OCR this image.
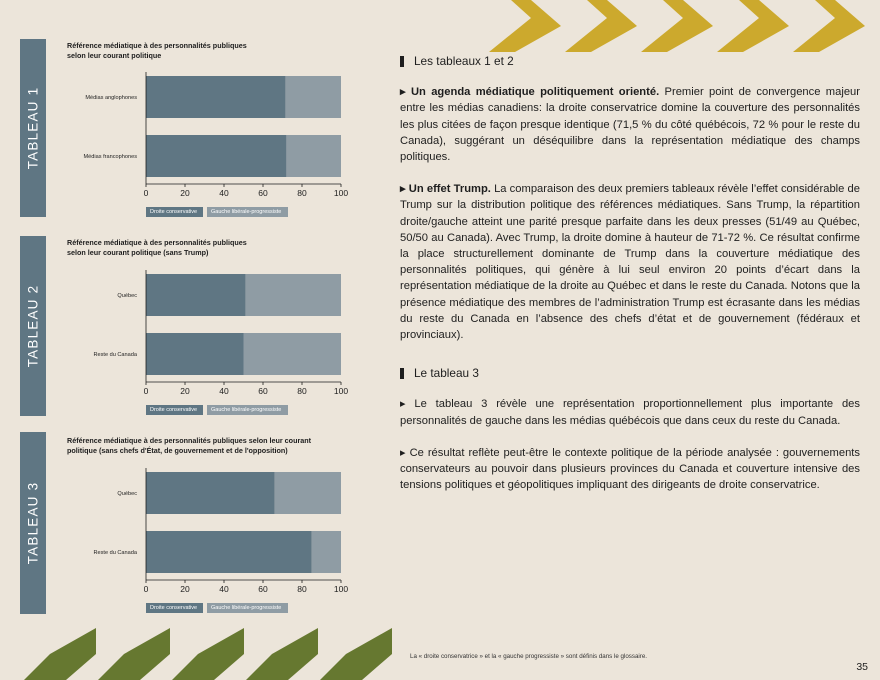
TABLEAU 1
Référence médiatique à des personnalités publiques
selon leur courant politique
Médias anglophones
Médias francophones
0	20	40	60	80	100
Droite conservative	Gauche libérale-progressiste
TABLEAU 2
Référence médiatique à des personnalités publiques
selon leur courant politique (sans Trump)
Québec
Reste du Canada
0	20	40	60	80	100
Droite conservative	Gauche libérale-progressiste
TABLEAU 3
Référence médiatique à des personnalités publiques selon leur courant
politique (sans chefs d'État, de gouvernement et de l'opposition)
Québec
Reste du Canada
0	20	40	60	80	100
Droite conservative	Gauche libérale-progressiste
Les tableaux 1 et 2

▸ Un agenda médiatique politiquement orienté. Premier point de convergence majeur entre les médias canadiens: la droite conservatrice domine la couverture des personnalités les plus citées de façon presque identique (71,5 % du côté québécois, 72 % pour le reste du Canada), suggérant un déséquilibre dans la représentation médiatique des champs politiques.

▸ Un effet Trump. La comparaison des deux premiers tableaux révèle l’effet considérable de Trump sur la distribution politique des références médiatiques. Sans Trump, la répartition droite/gauche atteint une parité presque parfaite dans les deux presses (51/49 au Québec, 50/50 au Canada). Avec Trump, la droite domine à hauteur de 71-72 %. Ce résultat confirme la place structurellement dominante de Trump dans la couverture médiatique des personnalités politiques, qui génère à lui seul environ 20 points d’écart dans la représentation médiatique de la droite au Québec et dans le reste du Canada. Notons que la présence médiatique des membres de l’administration Trump est écrasante dans les médias du reste du Canada en l’absence des chefs d’état et de gouvernement (fédéraux et provinciaux).

Le tableau 3

▸ Le tableau 3 révèle une représentation proportionnellement plus importante des personnalités de gauche dans les médias québécois que dans ceux du reste du Canada.

▸ Ce résultat reflète peut-être le contexte politique de la période analysée : gouvernements conservateurs au pouvoir dans plusieurs provinces du Canada et couverture intensive des tensions politiques et géopolitiques impliquant des dirigeants de droite conservatrice.

La « droite conservatrice » et la « gauche progressiste » sont définis dans le glossaire.
35
